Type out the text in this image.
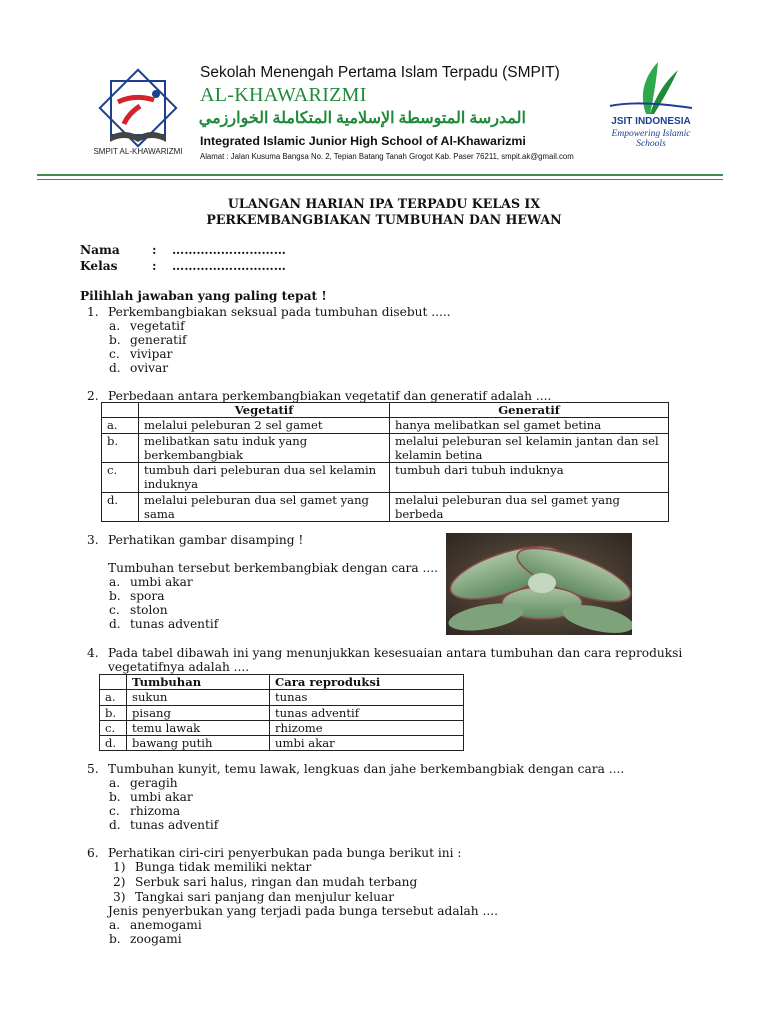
SMPIT AL-KHAWARIZMI
Sekolah Menengah Pertama Islam Terpadu (SMPIT)
AL-KHAWARIZMI
المدرسة المتوسطة الإسلامية المتكاملة الخوارزمي
Integrated Islamic Junior High School of Al-Khawarizmi
Alamat : Jalan Kusuma Bangsa No. 2, Tepian Batang Tanah Grogot Kab. Paser 76211, smpit.ak@gmail.com
JSIT INDONESIA
Empowering Islamic Schools
ULANGAN HARIAN IPA TERPADU KELAS IX
PERKEMBANGBIAKAN TUMBUHAN DAN HEWAN
Nama	: …………….…………
Kelas	: …………….…………
Pilihlah jawaban yang paling tepat !
1. Perkembangbiakan seksual pada tumbuhan disebut .....
a. vegetatif
b. generatif
c. vivipar
d. ovivar
2. Perbedaan antara perkembangbiakan vegetatif dan generatif adalah ....
	Vegetatif	Generatif
a.	melalui peleburan 2 sel gamet	hanya melibatkan sel gamet betina
b.	melibatkan satu induk yang berkembangbiak	melalui peleburan sel kelamin jantan dan sel kelamin betina
c.	tumbuh dari peleburan dua sel kelamin induknya	tumbuh dari tubuh induknya
d.	melalui peleburan dua sel gamet yang sama	melalui peleburan dua sel gamet yang berbeda
3. Perhatikan gambar disamping !
Tumbuhan tersebut berkembangbiak dengan cara ....
a. umbi akar
b. spora
c. stolon
d. tunas adventif
4. Pada tabel dibawah ini yang menunjukkan kesesuaian antara tumbuhan dan cara reproduksi
vegetatifnya adalah ....
	Tumbuhan	Cara reproduksi
a.	sukun	tunas
b.	pisang	tunas adventif
c.	temu lawak	rhizome
d.	bawang putih	umbi akar
5. Tumbuhan kunyit, temu lawak, lengkuas dan jahe berkembangbiak dengan cara ....
a. geragih
b. umbi akar
c. rhizoma
d. tunas adventif
6. Perhatikan ciri-ciri penyerbukan pada bunga berikut ini :
1) Bunga tidak memiliki nektar
2) Serbuk sari halus, ringan dan mudah terbang
3) Tangkai sari panjang dan menjulur keluar
Jenis penyerbukan yang terjadi pada bunga tersebut adalah ....
a. anemogami
b. zoogami
